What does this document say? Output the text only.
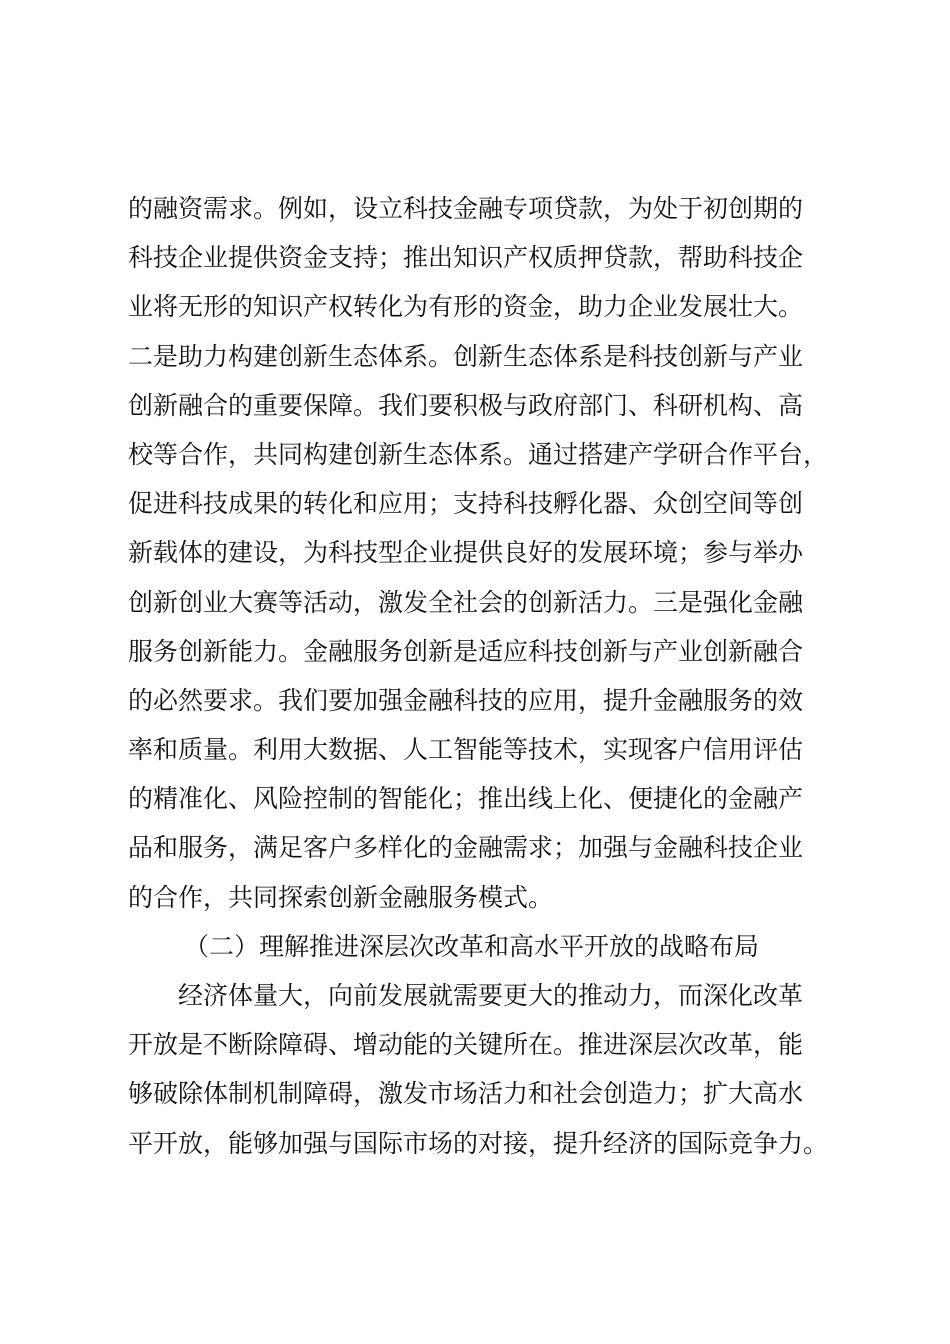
的融资需求。例如，设立科技金融专项贷款，为处于初创期的
科技企业提供资金支持；推出知识产权质押贷款，帮助科技企
业将无形的知识产权转化为有形的资金，助力企业发展壮大。
二是助力构建创新生态体系。创新生态体系是科技创新与产业
创新融合的重要保障。我们要积极与政府部门、科研机构、高
校等合作，共同构建创新生态体系。通过搭建产学研合作平台，
促进科技成果的转化和应用；支持科技孵化器、众创空间等创
新载体的建设，为科技型企业提供良好的发展环境；参与举办
创新创业大赛等活动，激发全社会的创新活力。三是强化金融
服务创新能力。金融服务创新是适应科技创新与产业创新融合
的必然要求。我们要加强金融科技的应用，提升金融服务的效
率和质量。利用大数据、人工智能等技术，实现客户信用评估
的精准化、风险控制的智能化；推出线上化、便捷化的金融产
品和服务，满足客户多样化的金融需求；加强与金融科技企业
的合作，共同探索创新金融服务模式。
（二）理解推进深层次改革和高水平开放的战略布局
经济体量大，向前发展就需要更大的推动力，而深化改革
开放是不断除障碍、增动能的关键所在。推进深层次改革，能
够破除体制机制障碍，激发市场活力和社会创造力；扩大高水
平开放，能够加强与国际市场的对接，提升经济的国际竞争力。
